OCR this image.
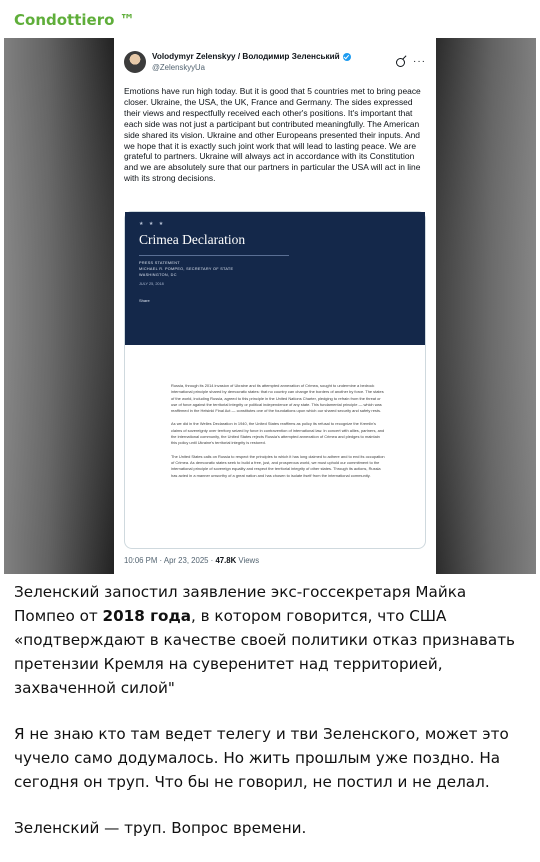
Condottiero ™
Volodymyr Zelenskyy / Володимир Зеленський
@ZelenskyyUa
···
Emotions have run high today. But it is good that 5 countries met to bring peace closer. Ukraine, the USA, the UK, France and Germany. The sides expressed their views and respectfully received each other's positions. It's important that each side was not just a participant but contributed meaningfully. The American side shared its vision. Ukraine and other Europeans presented their inputs. And we hope that it is exactly such joint work that will lead to lasting peace. We are grateful to partners. Ukraine will always act in accordance with its Constitution and we are absolutely sure that our partners in particular the USA will act in line with its strong decisions.
★ ★ ★
Crimea Declaration
PRESS STATEMENT
MICHAEL R. POMPEO, SECRETARY OF STATE
WASHINGTON, DC
JULY 25, 2018
Share

Russia, through its 2014 invasion of Ukraine and its attempted annexation of Crimea, sought to undermine a bedrock international principle shared by democratic states: that no country can change the borders of another by force. The states of the world, including Russia, agreed to this principle in the United Nations Charter, pledging to refrain from the threat or use of force against the territorial integrity or political independence of any state. This fundamental principle — which was reaffirmed in the Helsinki Final Act — constitutes one of the foundations upon which our shared security and safety rests.

As we did in the Welles Declaration in 1940, the United States reaffirms as policy its refusal to recognize the Kremlin's claims of sovereignty over territory seized by force in contravention of international law. In concert with allies, partners, and the international community, the United States rejects Russia's attempted annexation of Crimea and pledges to maintain this policy until Ukraine's territorial integrity is restored.

The United States calls on Russia to respect the principles to which it has long claimed to adhere and to end its occupation of Crimea. As democratic states seek to build a free, just, and prosperous world, we must uphold our commitment to the international principle of sovereign equality and respect the territorial integrity of other states. Through its actions, Russia has acted in a manner unworthy of a great nation and has chosen to isolate itself from the international community.

10:06 PM · Apr 23, 2025 · 47.8K Views

Зеленский запостил заявление экс-госсекретаря Майка Помпео от 2018 года, в котором говорится, что США «подтверждают в качестве своей политики отказ признавать претензии Кремля на суверенитет над территорией, захваченной силой"

Я не знаю кто там ведет телегу и тви Зеленского, может это чучело само додумалось. Но жить прошлым уже поздно. На сегодня он труп. Что бы не говорил, не постил и не делал.

Зеленский — труп. Вопрос времени.
